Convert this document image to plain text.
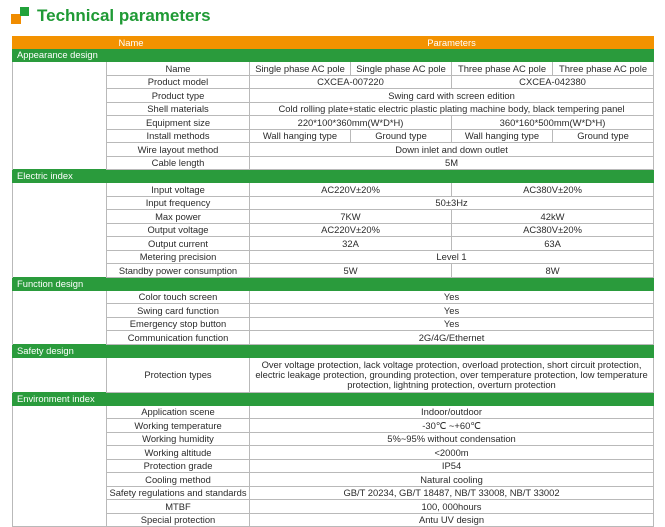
Technical parameters
Name		Parameters			

Appearance design					
	Name	Single phase AC pole	Single phase AC pole	Three phase AC pole	Three phase AC pole
	Product model	CXCEA-007220		CXCEA-042380	
	Product type	Swing card with screen edition			
	Shell materials	Cold rolling plate+static electric plastic plating machine body, black tempering panel			
	Equipment size	220*100*360mm(W*D*H)		360*160*500mm(W*D*H)	
	Install methods	Wall hanging type	Ground type	Wall hanging type	Ground type
	Wire layout method	Down inlet and down outlet			
	Cable length	5M			
Electric index					
	Input voltage	AC220V±20%		AC380V±20%	
	Input frequency	50±3Hz			
	Max power	7KW		42kW	
	Output voltage	AC220V±20%		AC380V±20%	
	Output current	32A		63A	
	Metering precision	Level 1			
	Standby power consumption	5W		8W	
Function design					
	Color touch screen	Yes			
	Swing card function	Yes			
	Emergency stop button	Yes			
	Communication function	2G/4G/Ethernet			
Safety design					
	Protection types	Over voltage protection, lack voltage protection, overload protection, short circuit protection, electric leakage protection, grounding protection, over temperature protection, low temperature protection, lightning protection, overturn protection			
Environment index					
	Application scene	Indoor/outdoor			
	Working temperature	-30℃ ~+60℃			
	Working humidity	5%~95% without condensation			
	Working altitude	<2000m			
	Protection grade	IP54			
	Cooling method	Natural cooling			
	Safety regulations and standards	GB/T 20234, GB/T 18487, NB/T 33008, NB/T 33002			
	MTBF	100, 000hours			
	Special protection	Antu UV design			
